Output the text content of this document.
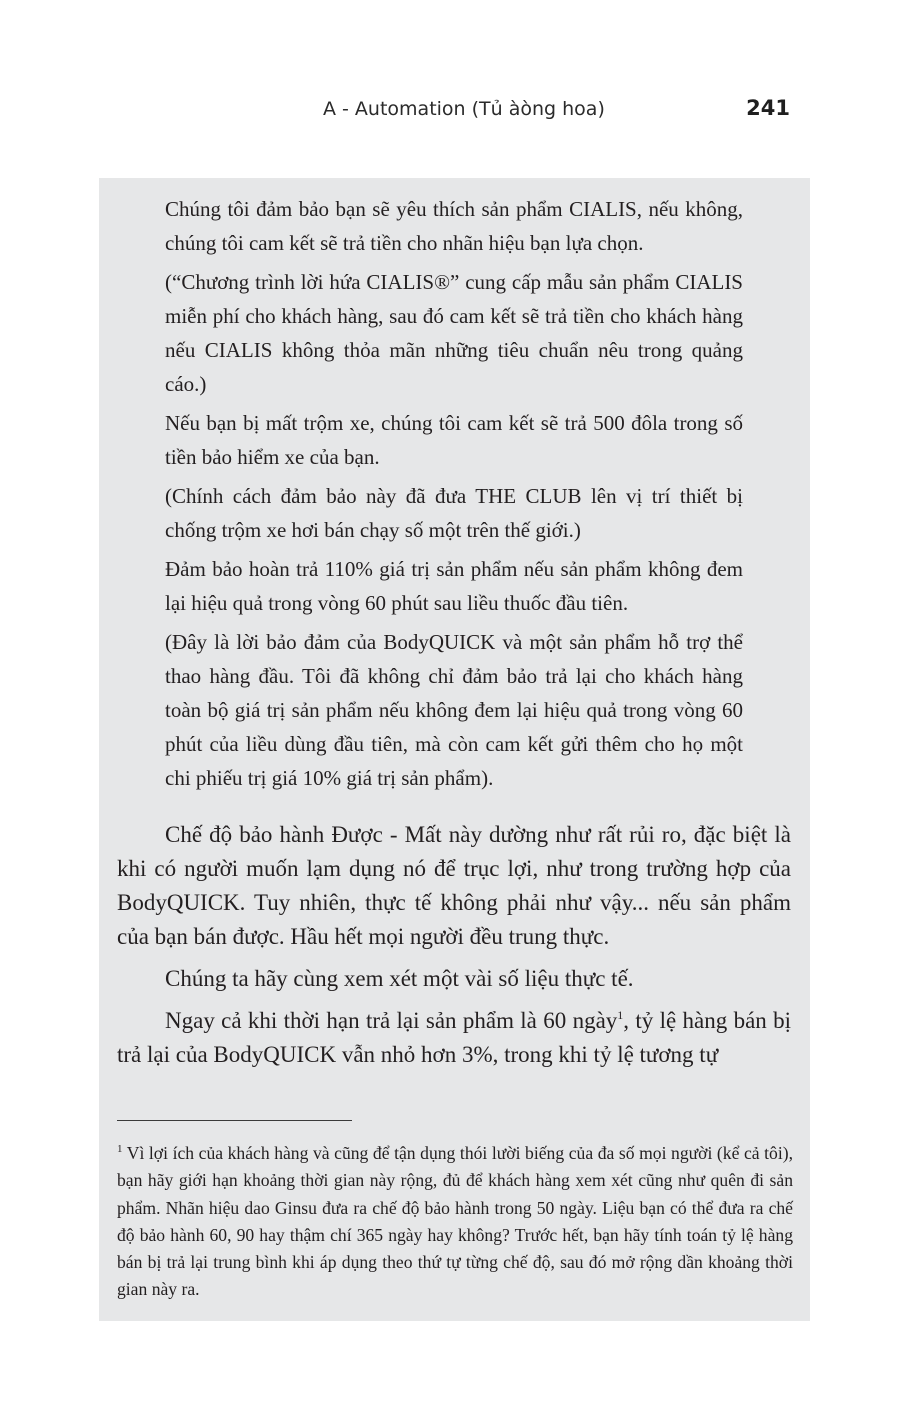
A - Automation (Tủ àòng hoa)	241

Chúng tôi đảm bảo bạn sẽ yêu thích sản phẩm CIALIS, nếu không, chúng tôi cam kết sẽ trả tiền cho nhãn hiệu bạn lựa chọn.

(“Chương trình lời hứa CIALIS®” cung cấp mẫu sản phẩm CIALIS miễn phí cho khách hàng, sau đó cam kết sẽ trả tiền cho khách hàng nếu CIALIS không thỏa mãn những tiêu chuẩn nêu trong quảng cáo.)

Nếu bạn bị mất trộm xe, chúng tôi cam kết sẽ trả 500 đôla trong số tiền bảo hiểm xe của bạn.

(Chính cách đảm bảo này đã đưa THE CLUB lên vị trí thiết bị chống trộm xe hơi bán chạy số một trên thế giới.)

Đảm bảo hoàn trả 110% giá trị sản phẩm nếu sản phẩm không đem lại hiệu quả trong vòng 60 phút sau liều thuốc đầu tiên.

(Đây là lời bảo đảm của BodyQUICK và một sản phẩm hỗ trợ thể thao hàng đầu. Tôi đã không chỉ đảm bảo trả lại cho khách hàng toàn bộ giá trị sản phẩm nếu không đem lại hiệu quả trong vòng 60 phút của liều dùng đầu tiên, mà còn cam kết gửi thêm cho họ một chi phiếu trị giá 10% giá trị sản phẩm).

Chế độ bảo hành Được - Mất này dường như rất rủi ro, đặc biệt là khi có người muốn lạm dụng nó để trục lợi, như trong trường hợp của BodyQUICK. Tuy nhiên, thực tế không phải như vậy... nếu sản phẩm của bạn bán được. Hầu hết mọi người đều trung thực.

Chúng ta hãy cùng xem xét một vài số liệu thực tế.

Ngay cả khi thời hạn trả lại sản phẩm là 60 ngày$^1$, tỷ lệ hàng bán bị trả lại của BodyQUICK vẫn nhỏ hơn 3%, trong khi tỷ lệ tương tự

$^1$ Vì lợi ích của khách hàng và cũng để tận dụng thói lười biếng của đa số mọi người (kể cả tôi), bạn hãy giới hạn khoảng thời gian này rộng, đủ để khách hàng xem xét cũng như quên đi sản phẩm. Nhãn hiệu dao Ginsu đưa ra chế độ bảo hành trong 50 ngày. Liệu bạn có thể đưa ra chế độ bảo hành 60, 90 hay thậm chí 365 ngày hay không? Trước hết, bạn hãy tính toán tỷ lệ hàng bán bị trả lại trung bình khi áp dụng theo thứ tự từng chế độ, sau đó mở rộng dần khoảng thời gian này ra.
